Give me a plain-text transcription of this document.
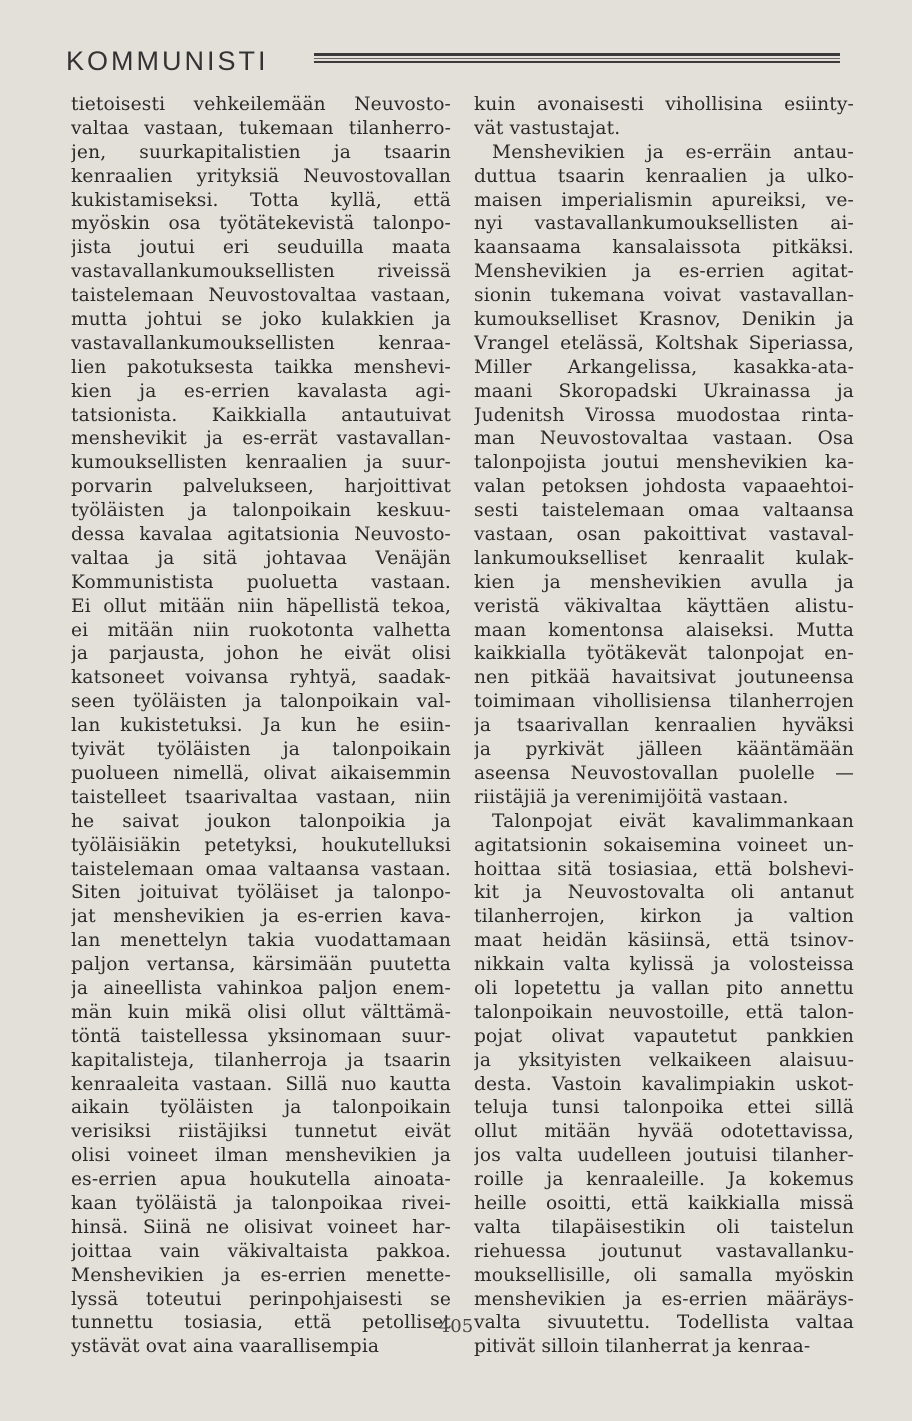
KOMMUNISTI
tietoisesti vehkeilemään Neuvosto-
valtaa vastaan, tukemaan tilanherro-
jen, suurkapitalistien ja tsaarin
kenraalien yrityksiä Neuvostovallan
kukistamiseksi. Totta kyllä, että
myöskin osa työtätekevistä talonpo-
jista joutui eri seuduilla maata
vastavallankumouksellisten riveissä
taistelemaan Neuvostovaltaa vastaan,
mutta johtui se joko kulakkien ja
vastavallankumouksellisten kenraa-
lien pakotuksesta taikka menshevi-
kien ja es-errien kavalasta agi-
tatsionista. Kaikkialla antautuivat
menshevikit ja es-errät vastavallan-
kumouksellisten kenraalien ja suur-
porvarin palvelukseen, harjoittivat
työläisten ja talonpoikain keskuu-
dessa kavalaa agitatsionia Neuvosto-
valtaa ja sitä johtavaa Venäjän
Kommunistista puoluetta vastaan.
Ei ollut mitään niin häpellistä tekoa,
ei mitään niin ruokotonta valhetta
ja parjausta, johon he eivät olisi
katsoneet voivansa ryhtyä, saadak-
seen työläisten ja talonpoikain val-
lan kukistetuksi. Ja kun he esiin-
tyivät työläisten ja talonpoikain
puolueen nimellä, olivat aikaisemmin
taistelleet tsaarivaltaa vastaan, niin
he saivat joukon talonpoikia ja
työläisiäkin petetyksi, houkutelluksi
taistelemaan omaa valtaansa vastaan.
Siten joituivat työläiset ja talonpo-
jat menshevikien ja es-errien kava-
lan menettelyn takia vuodattamaan
paljon vertansa, kärsimään puutetta
ja aineellista vahinkoa paljon enem-
män kuin mikä olisi ollut välttämä-
töntä taistellessa yksinomaan suur-
kapitalisteja, tilanherroja ja tsaarin
kenraaleita vastaan. Sillä nuo kautta
aikain työläisten ja talonpoikain
verisiksi riistäjiksi tunnetut eivät
olisi voineet ilman menshevikien ja
es-errien apua houkutella ainoata-
kaan työläistä ja talonpoikaa rivei-
hinsä. Siinä ne olisivat voineet har-
joittaa vain väkivaltaista pakkoa.
Menshevikien ja es-errien menette-
lyssä toteutui perinpohjaisesti se
tunnettu tosiasia, että petolliset
ystävät ovat aina vaarallisempia
kuin avonaisesti vihollisina esiinty-
vät vastustajat.
Menshevikien ja es-erräin antau-
duttua tsaarin kenraalien ja ulko-
maisen imperialismin apureiksi, ve-
nyi vastavallankumouksellisten ai-
kaansaama kansalaissota pitkäksi.
Menshevikien ja es-errien agitat-
sionin tukemana voivat vastavallan-
kumoukselliset Krasnov, Denikin ja
Vrangel etelässä, Koltshak Siperiassa,
Miller Arkangelissa, kasakka-ata-
maani Skoropadski Ukrainassa ja
Judenitsh Virossa muodostaa rinta-
man Neuvostovaltaa vastaan. Osa
talonpojista joutui menshevikien ka-
valan petoksen johdosta vapaaehtoi-
sesti taistelemaan omaa valtaansa
vastaan, osan pakoittivat vastaval-
lankumoukselliset kenraalit kulak-
kien ja menshevikien avulla ja
veristä väkivaltaa käyttäen alistu-
maan komentonsa alaiseksi. Mutta
kaikkialla työtäkevät talonpojat en-
nen pitkää havaitsivat joutuneensa
toimimaan vihollisiensa tilanherrojen
ja tsaarivallan kenraalien hyväksi
ja pyrkivät jälleen kääntämään
aseensa Neuvostovallan puolelle —
riistäjiä ja verenimijöitä vastaan.
Talonpojat eivät kavalimmankaan
agitatsionin sokaisemina voineet un-
hoittaa sitä tosiasiaa, että bolshevi-
kit ja Neuvostovalta oli antanut
tilanherrojen, kirkon ja valtion
maat heidän käsiinsä, että tsinov-
nikkain valta kylissä ja volosteissa
oli lopetettu ja vallan pito annettu
talonpoikain neuvostoille, että talon-
pojat olivat vapautetut pankkien
ja yksityisten velkaikeen alaisuu-
desta. Vastoin kavalimpiakin uskot-
teluja tunsi talonpoika ettei sillä
ollut mitään hyvää odotettavissa,
jos valta uudelleen joutuisi tilanher-
roille ja kenraaleille. Ja kokemus
heille osoitti, että kaikkialla missä
valta tilapäisestikin oli taistelun
riehuessa joutunut vastavallanku-
mouksellisille, oli samalla myöskin
menshevikien ja es-errien määräys-
valta sivuutettu. Todellista valtaa
pitivät silloin tilanherrat ja kenraa-
405
